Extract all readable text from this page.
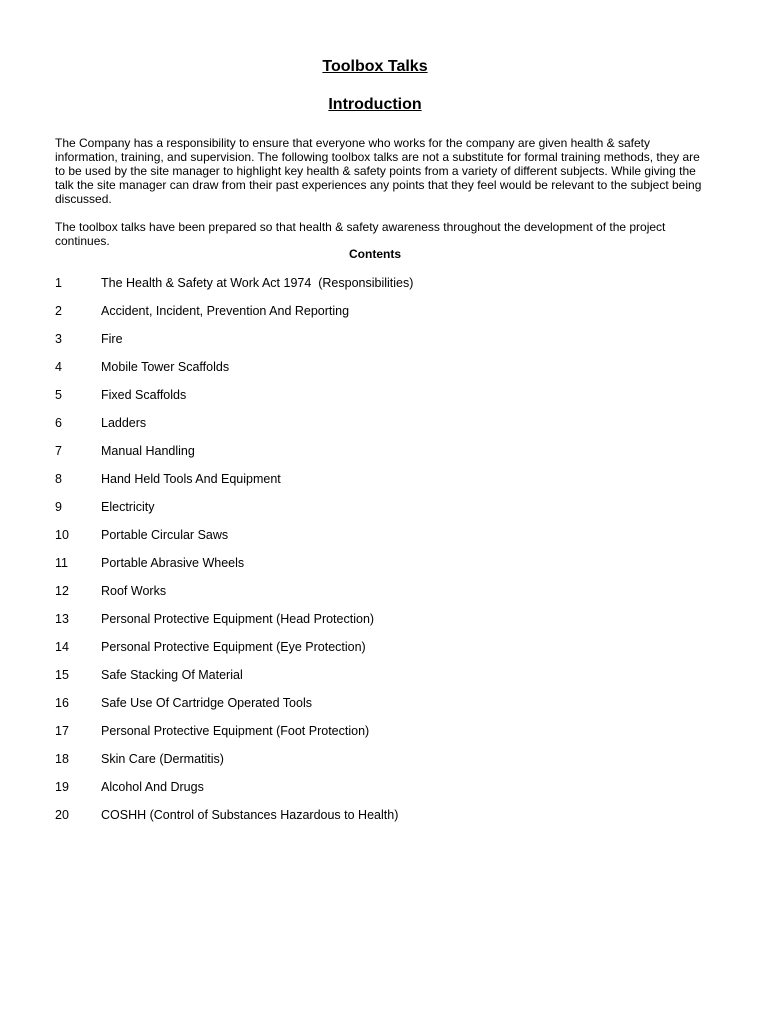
Toolbox Talks
Introduction

The Company has a responsibility to ensure that everyone who works for the company are given health & safety information, training, and supervision. The following toolbox talks are not a substitute for formal training methods, they are to be used by the site manager to highlight key health & safety points from a variety of different subjects. While giving the talk the site manager can draw from their past experiences any points that they feel would be relevant to the subject being discussed.

The toolbox talks have been prepared so that health & safety awareness throughout the development of the project continues.

Contents
1	The Health & Safety at Work Act 1974  (Responsibilities)
2	Accident, Incident, Prevention And Reporting
3	Fire
4	Mobile Tower Scaffolds
5	Fixed Scaffolds
6	Ladders
7	Manual Handling
8	Hand Held Tools And Equipment
9	Electricity
10	Portable Circular Saws
11	Portable Abrasive Wheels
12	Roof Works
13	Personal Protective Equipment (Head Protection)
14	Personal Protective Equipment (Eye Protection)
15	Safe Stacking Of Material
16	Safe Use Of Cartridge Operated Tools
17	Personal Protective Equipment (Foot Protection)
18	Skin Care (Dermatitis)
19	Alcohol And Drugs
20	COSHH (Control of Substances Hazardous to Health)
